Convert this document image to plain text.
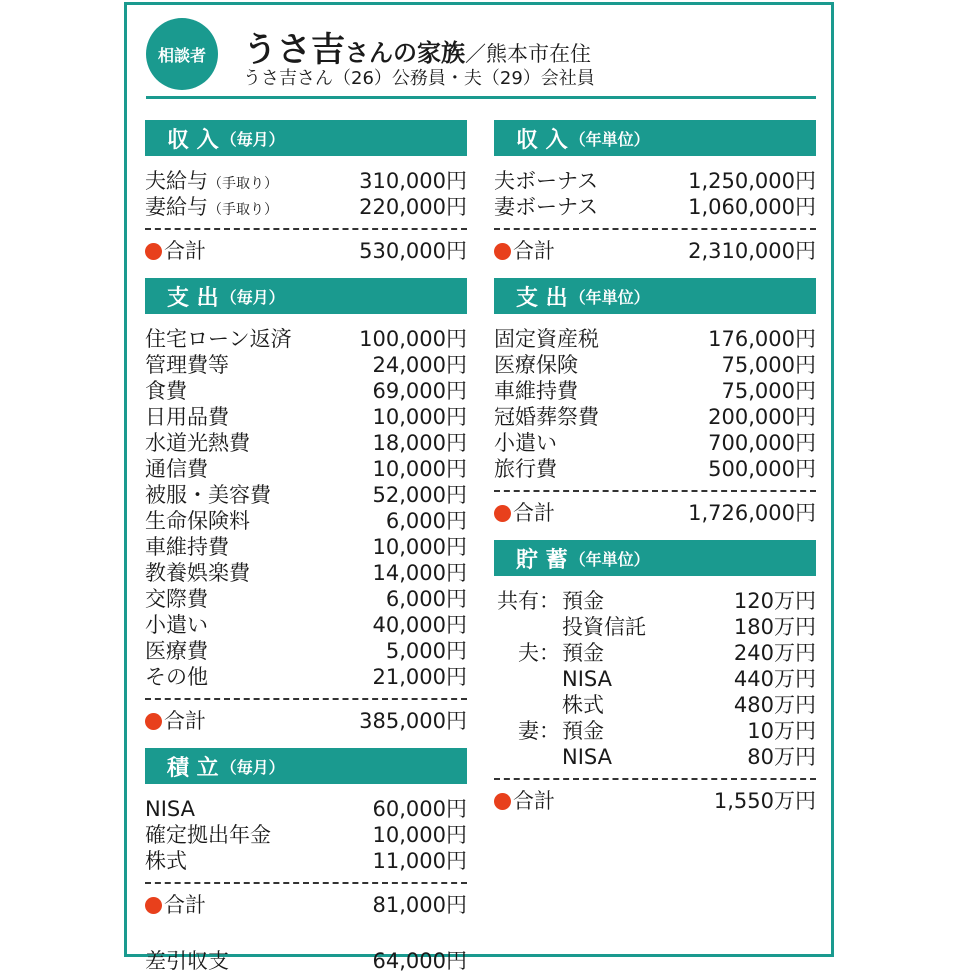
相談者	うさ吉さんの家族／熊本市在住
うさ吉さん（26）公務員・夫（29）会社員
収 入 （毎月）
夫給与（手取り）	310,000円
妻給与（手取り）	220,000円
合計	530,000円
支 出 （毎月）
住宅ローン返済	100,000円
管理費等	24,000円
食費	69,000円
日用品費	10,000円
水道光熱費	18,000円
通信費	10,000円
被服・美容費	52,000円
生命保険料	6,000円
車維持費	10,000円
教養娯楽費	14,000円
交際費	6,000円
小遣い	40,000円
医療費	5,000円
その他	21,000円
合計	385,000円
積 立 （毎月）
NISA	60,000円
確定拠出年金	10,000円
株式	11,000円
合計	81,000円
差引収支	64,000円
収 入 （年単位）
夫ボーナス	1,250,000円
妻ボーナス	1,060,000円
合計	2,310,000円
支 出 （年単位）
固定資産税	176,000円
医療保険	75,000円
車維持費	75,000円
冠婚葬祭費	200,000円
小遣い	700,000円
旅行費	500,000円
合計	1,726,000円
貯 蓄 （年単位）
共有： 預金	120万円
投資信託	180万円
夫： 預金	240万円
NISA	440万円
株式	480万円
妻： 預金	10万円
NISA	80万円
合計	1,550万円
